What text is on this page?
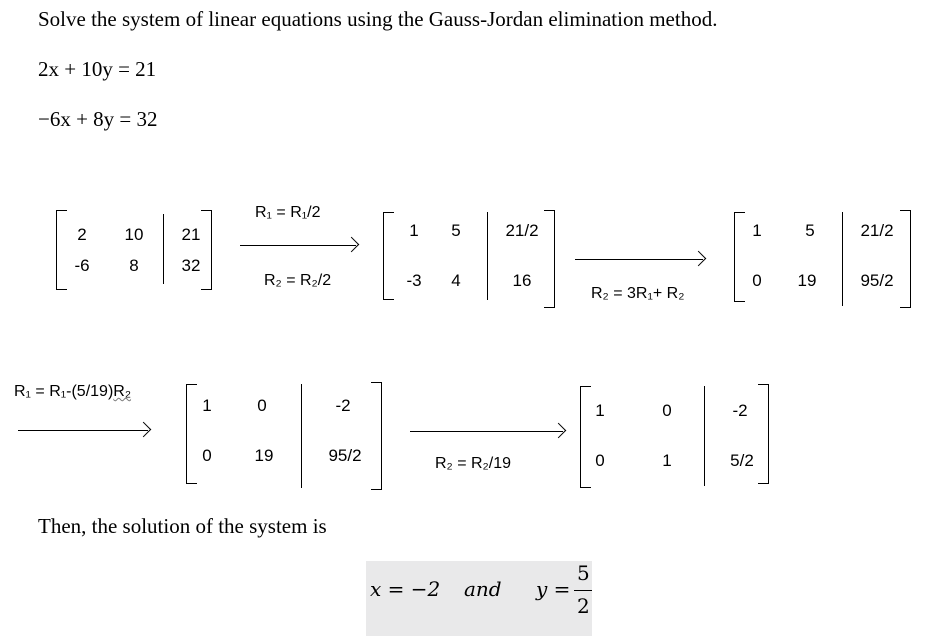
Solve the system of linear equations using the Gauss-Jordan elimination method.
2x + 10y = 21
−6x + 8y = 32
2 10 21
-6 8	32
R₁ = R₁/2
R₂ = R₂/2
1 5	21/2
-3 4	16
R₂ = 3R₁+ R₂
1	5	21/2
0 19	95/2
R₁ = R₁-(5/19)R₂
1	0	-2
0	19	95/2	R₂ = R₂/19
1	0	-2
0	1	5/2
Then, the solution of the system is
x = −2 and y =
5
2
